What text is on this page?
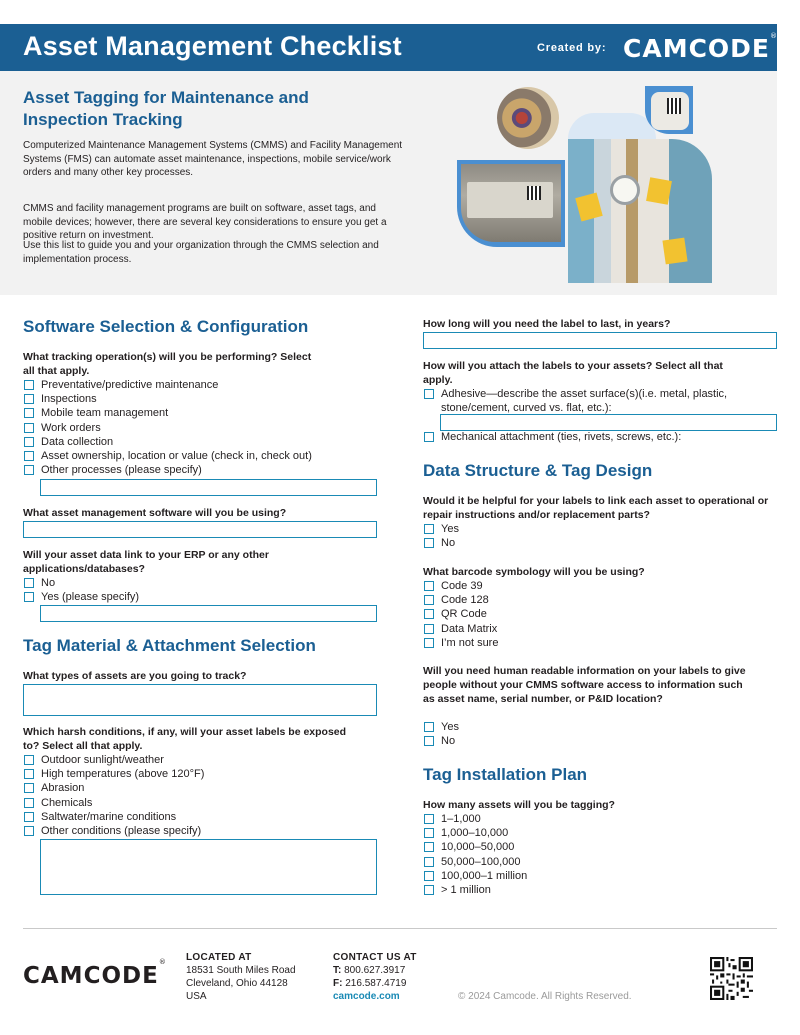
Asset Management Checklist	Created by: CAMCODE®
Asset Tagging for Maintenance and Inspection Tracking

Computerized Maintenance Management Systems (CMMS) and Facility Management Systems (FMS) can automate asset maintenance, inspections, mobile service/work orders and many other key processes.

CMMS and facility management programs are built on software, asset tags, and mobile devices; however, there are several key considerations to ensure you get a positive return on investment.

Use this list to guide you and your organization through the CMMS selection and implementation process.

Software Selection & Configuration
What tracking operation(s) will you be performing? Select all that apply.
Preventative/predictive maintenance
Inspections
Mobile team management
Work orders
Data collection
Asset ownership, location or value (check in, check out)
Other processes (please specify)
What asset management software will you be using?
Will your asset data link to your ERP or any other applications/databases?
No
Yes (please specify)
Tag Material & Attachment Selection
What types of assets are you going to track?
Which harsh conditions, if any, will your asset labels be exposed to? Select all that apply.
Outdoor sunlight/weather
High temperatures (above 120°F)
Abrasion
Chemicals
Saltwater/marine conditions
Other conditions (please specify)
How long will you need the label to last, in years?
How will you attach the labels to your assets? Select all that apply.
Adhesive—describe the asset surface(s)(i.e. metal, plastic, stone/cement, curved vs. flat, etc.):
Mechanical attachment (ties, rivets, screws, etc.):
Data Structure & Tag Design
Would it be helpful for your labels to link each asset to operational or repair instructions and/or replacement parts?
Yes
No
What barcode symbology will you be using?
Code 39
Code 128
QR Code
Data Matrix
I’m not sure
Will you need human readable information on your labels to give people without your CMMS software access to information such as asset name, serial number, or P&ID location?
Yes
No
Tag Installation Plan
How many assets will you be tagging?
1–1,000
1,000–10,000
10,000–50,000
50,000–100,000
100,000–1 million
> 1 million
CAMCODE® LOCATED AT
18531 South Miles Road
Cleveland, Ohio 44128
USA
CONTACT US AT
T: 800.627.3917
F: 216.587.4719
camcode.com	© 2024 Camcode. All Rights Reserved.
